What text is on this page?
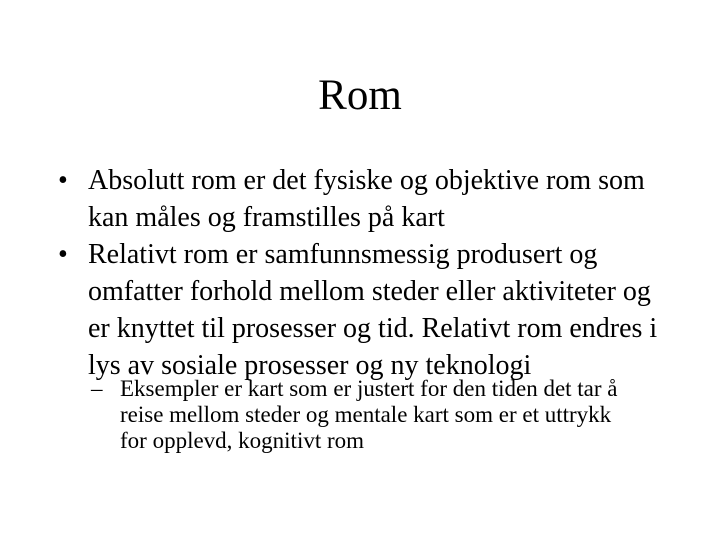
Rom
• Absolutt rom er det fysiske og objektive rom som
kan måles og framstilles på kart
• Relativt rom er samfunnsmessig produsert og
omfatter forhold mellom steder eller aktiviteter og
er knyttet til prosesser og tid. Relativt rom endres i
lys av sosiale prosesser og ny teknologi
– Eksempler er kart som er justert for den tiden det tar å
reise mellom steder og mentale kart som er et uttrykk
for opplevd, kognitivt rom
